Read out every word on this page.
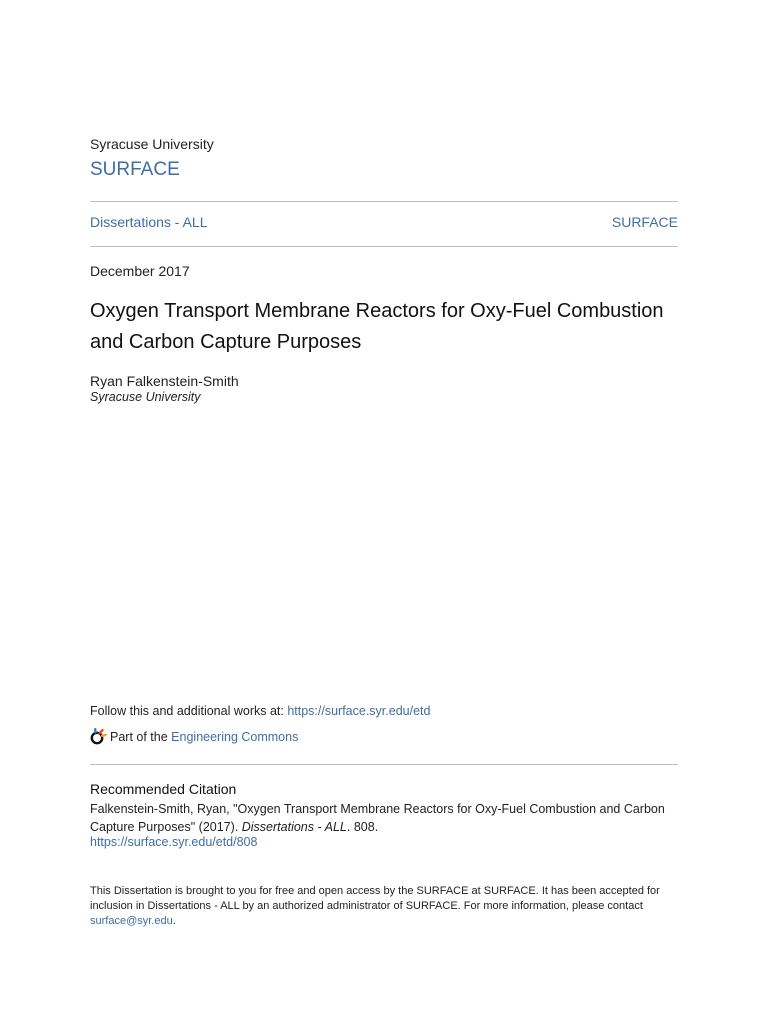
Syracuse University
SURFACE
Dissertations - ALL	SURFACE
December 2017
Oxygen Transport Membrane Reactors for Oxy-Fuel Combustion and Carbon Capture Purposes
Ryan Falkenstein-Smith
Syracuse University
Follow this and additional works at: https://surface.syr.edu/etd
Part of the
Engineering Commons
Recommended Citation
Falkenstein-Smith, Ryan, "Oxygen Transport Membrane Reactors for Oxy-Fuel Combustion and Carbon Capture Purposes" (2017). Dissertations - ALL. 808.
https://surface.syr.edu/etd/808
This Dissertation is brought to you for free and open access by the SURFACE at SURFACE. It has been accepted for inclusion in Dissertations - ALL by an authorized administrator of SURFACE. For more information, please contact surface@syr.edu.
